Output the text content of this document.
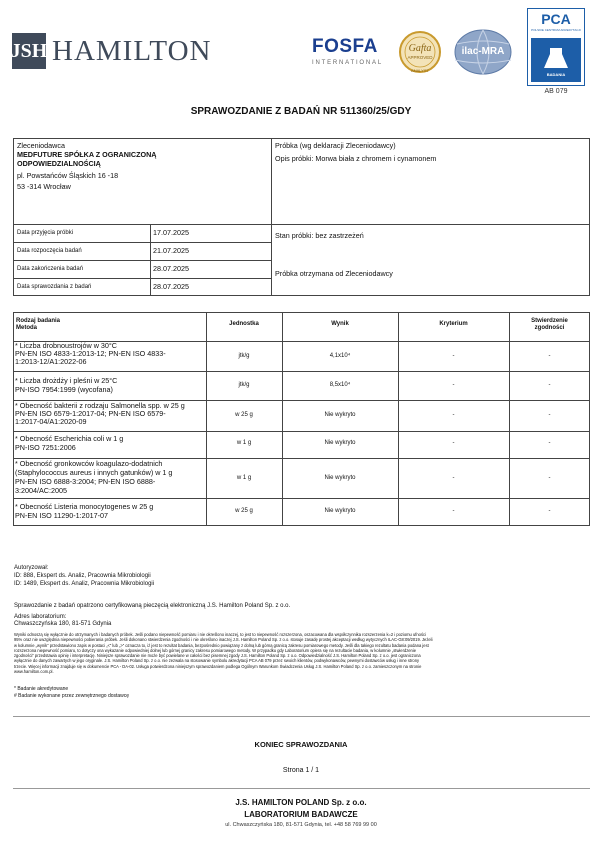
JSH HAMILTON	FOSFA
INTERNATIONAL
Gafta
APPROVED
ANALYST
ilac-MRA
PCA
POLSKIE CENTRUM AKREDYTACJI
BADANIA
AB 079
SPRAWOZDANIE Z BADAŃ NR 511360/25/GDY
Zleceniodawca
MEDFUTURE SPÓŁKA Z OGRANICZONĄ
ODPOWIEDZIALNOŚCIĄ
pl. Powstańców Śląskich 16 -18
53 -314 Wrocław
Próbka (wg deklaracji Zleceniodawcy)
Opis próbki: Morwa biała z chromem i cynamonem
Stan próbki: bez zastrzeżeń
Próbka otrzymana od Zleceniodawcy
Data przyjęcia próbki	17.07.2025
Data rozpoczęcia badań	21.07.2025
Data zakończenia badań	28.07.2025
Data sprawozdania z badań	28.07.2025
Rodzaj badania
Metoda
Jednostka	Wynik	Kryterium	Stwierdzenie
zgodności
* Liczba drobnoustrojów w 30°C
PN-EN ISO 4833-1:2013-12; PN-EN ISO 4833-
1:2013-12/A1:2022-06
jtk/g	4,1x10⁴	-	-
* Liczba drożdży i pleśni w 25°C
PN-ISO 7954:1999 (wycofana)	jtk/g	8,5x10⁴	-	-
* Obecność bakterii z rodzaju Salmonella spp. w 25 g
PN-EN ISO 6579-1:2017-04; PN-EN ISO 6579-
1:2017-04/A1:2020-09
w 25 g	Nie wykryto	-	-
* Obecność Escherichia coli w 1 g
PN-ISO 7251:2006	w 1 g	Nie wykryto	-	-
* Obecność gronkowców koagulazo-dodatnich
(Staphylococcus aureus i innych gatunków) w 1 g
PN-EN ISO 6888-3:2004; PN-EN ISO 6888-
3:2004/AC:2005
w 1 g	Nie wykryto	-	-
* Obecność Listeria monocytogenes w 25 g
PN-EN ISO 11290-1:2017-07	w 25 g	Nie wykryto	-	-
Autoryzował:
ID: 888, Ekspert ds. Analiz, Pracownia Mikrobiologii
ID: 1489, Ekspert ds. Analiz, Pracownia Mikrobiologii
Sprawozdanie z badań opatrzono certyfikowaną pieczęcią elektroniczną J.S. Hamilton Poland Sp. z o.o.
Adres laboratorium:
Chwaszczyńska 180, 81-571 Gdynia
Wyniki odnoszą się wyłącznie do otrzymanych i badanych próbek. Jeśli podano niepewność pomiaru i nie określono inaczej, to jest to niepewność rozszerzona, oszacowana dla współczynnika rozszerzenia k=2 i poziomu ufności
95% oraz nie uwzględnia niepewności pobierania próbek. Jeśli dokonano stwierdzenia zgodności i nie określono inaczej J.S. Hamilton Poland Sp. z o.o. stosuje zasadę prostej akceptacji według wytycznych ILAC-G8:09/2019. Jeżeli
w kolumnie „wynik” przedstawiono zapis w postaci „<” lub „>” oznacza to, iż jest to rezultat badania, bezpośrednio powiązany z dolną lub górną granicą zakresu pomiarowego metody. Jeśli dla takiego rezultatu badania podana jest
rozszerzona niepewność pomiaru, to dotyczy ona wykazanie odpowiedniej dolnej lub górnej granicy zakresu pomiarowego metody. W przypadku gdy Laboratorium opiera się na rezultacie badania, w kolumnie „stwierdzenie
zgodności” przedstawia opinię i interpretację. Niniejsze sprawozdanie nie może być powielane w całości bez pisemnej zgody J.S. Hamilton Poland Sp. z o.o. Odpowiedzialność J.S. Hamilton Poland Sp. z o.o. jest ograniczona
wyłącznie do danych zawartych w jego oryginale. J.S. Hamilton Poland Sp. z o.o. nie zezwala na stosowanie symbolu akredytacji PCA AB 079 przez swoich klientów, podwykonawców, pewnymi dostawców usług i inne strony
trzecie. Więcej informacji znajduje się w dokumencie PCA - DA-02. Usługa potwierdzona niniejszym sprawozdaniem podlega Ogólnym Warunkom Świadczenia Usług J.S. Hamilton Poland Sp. z o.o. zamieszczonym na stronie
www.hamilton.com.pl.
* Badanie akredytowane
# Badanie wykonane przez zewnętrznego dostawcę
KONIEC SPRAWOZDANIA
Strona 1 / 1
J.S. HAMILTON POLAND Sp. z o.o.
LABORATORIUM BADAWCZE
ul. Chwaszczyńska 180, 81-571 Gdynia, tel. +48 58 769 99 00
